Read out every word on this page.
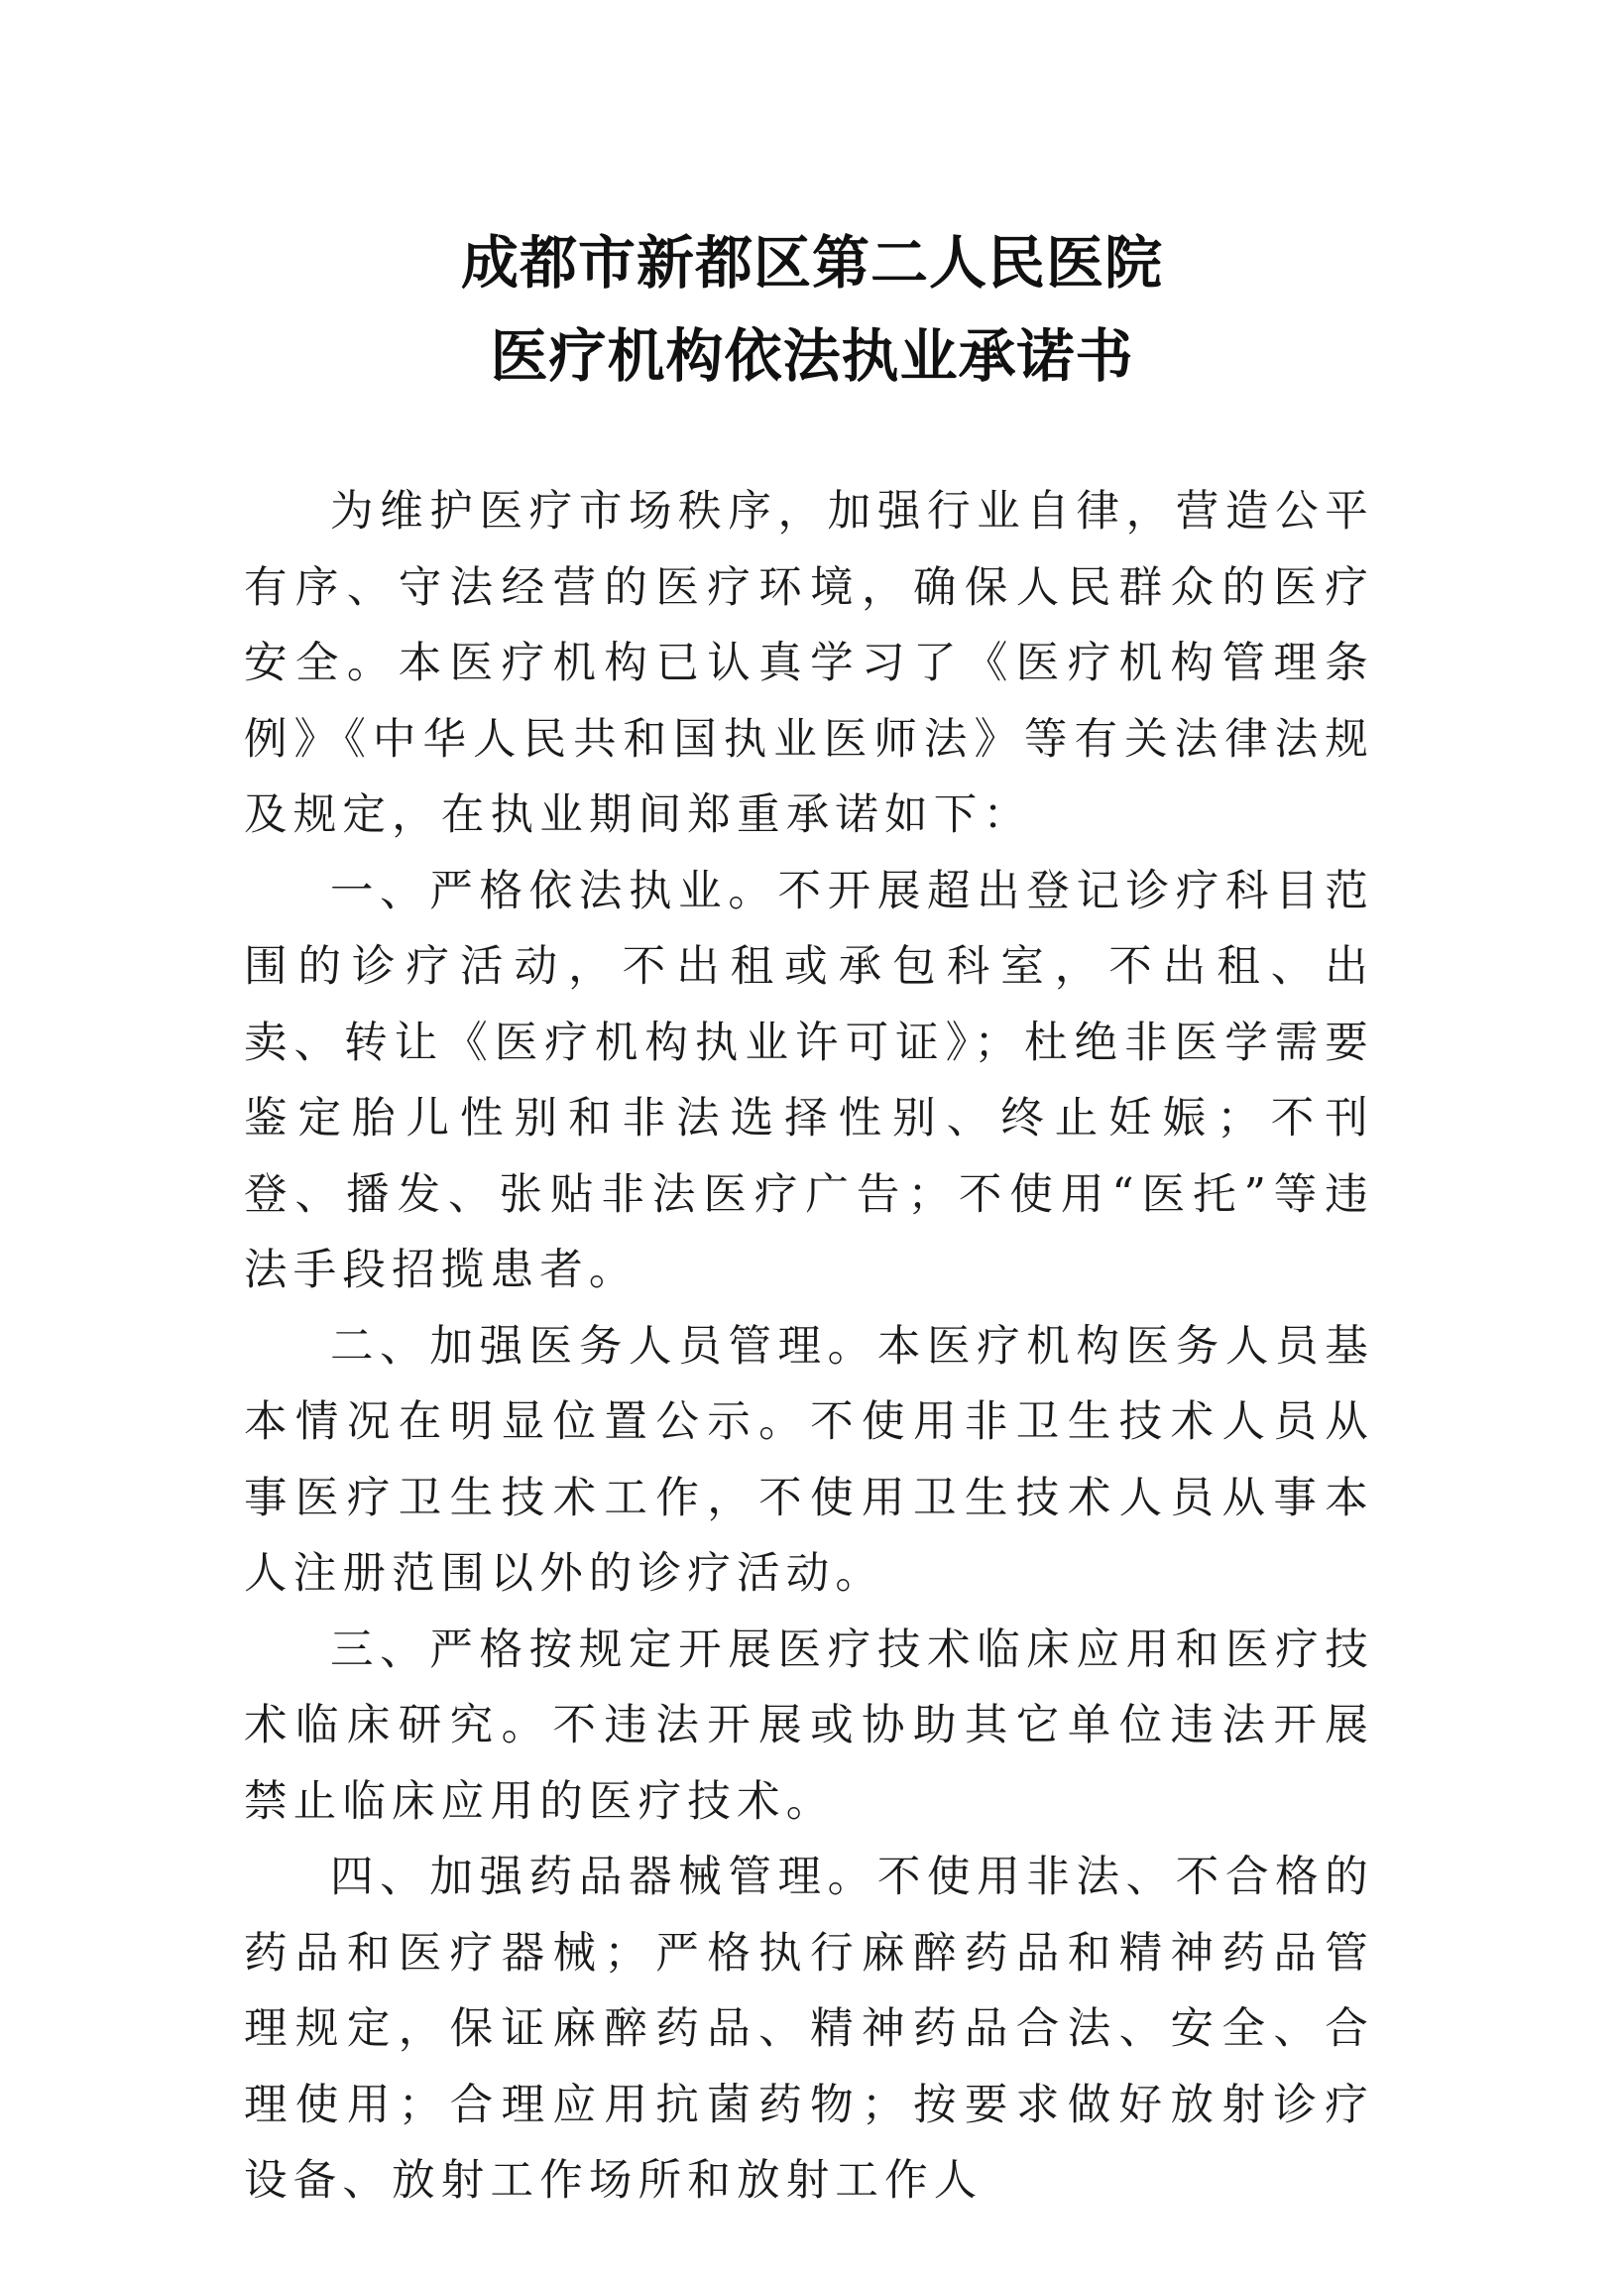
成都市新都区第二人民医院
医疗机构依法执业承诺书

为维护医疗市场秩序，加强行业自律，营造公平有序、守法经营的医疗环境，确保人民群众的医疗安全。本医疗机构已认真学习了《医疗机构管理条例》《中华人民共和国执业医师法》等有关法律法规及规定，在执业期间郑重承诺如下：

一、严格依法执业。不开展超出登记诊疗科目范围的诊疗活动，不出租或承包科室，不出租、出卖、转让《医疗机构执业许可证》；杜绝非医学需要鉴定胎儿性别和非法选择性别、终止妊娠；不刊登、播发、张贴非法医疗广告；不使用“医托”等违法手段招揽患者。

二、加强医务人员管理。本医疗机构医务人员基本情况在明显位置公示。不使用非卫生技术人员从事医疗卫生技术工作，不使用卫生技术人员从事本人注册范围以外的诊疗活动。

三、严格按规定开展医疗技术临床应用和医疗技术临床研究。不违法开展或协助其它单位违法开展禁止临床应用的医疗技术。

四、加强药品器械管理。不使用非法、不合格的药品和医疗器械；严格执行麻醉药品和精神药品管理规定，保证麻醉药品、精神药品合法、安全、合理使用；合理应用抗菌药物；按要求做好放射诊疗设备、放射工作场所和放射工作人
